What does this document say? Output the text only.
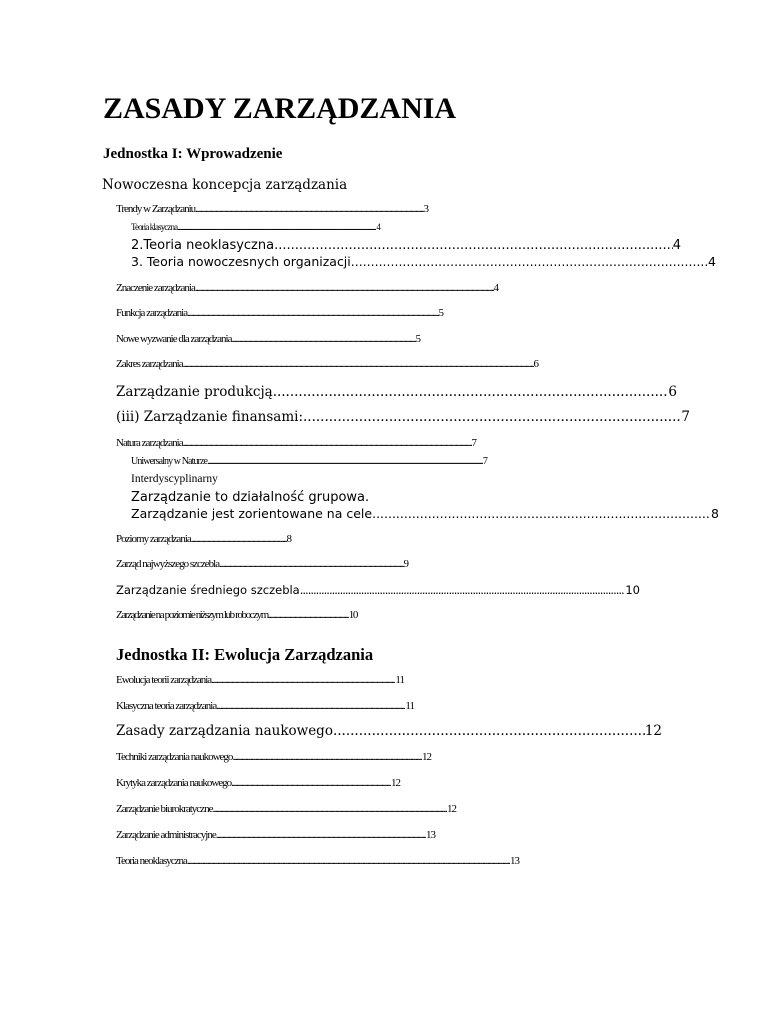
ZASADY ZARZĄDZANIA
Jednostka I: Wprowadzenie
Nowoczesna koncepcja zarządzania
Trendy w Zarządzaniu .....	3
Teoria klasyczna .....	4
2.Teoria neoklasyczna .....	4
3. Teoria nowoczesnych organizacji .....	4
Znaczenie zarządzania .....	4
Funkcja zarządzania .....	5
Nowe wyzwanie dla zarządzania .....	5
Zakres zarządzania .....	6
Zarządzanie produkcją .....	6
(iii) Zarządzanie finansami: .....	7
Natura zarządzania .....	7
Uniwersalny w Naturze .....	7
Interdyscyplinarny
Zarządzanie to działalność grupowa.
Zarządzanie jest zorientowane na cele .....	8
Poziomy zarządzania .....	8
Zarząd najwyższego szczebla .....	9
Zarządzanie średniego szczebla .....	10
Zarządzanie na poziomie niższym lub roboczym .....	10
Jednostka II: Ewolucja Zarządzania
Ewolucja teorii zarządzania .....	11
Klasyczna teoria zarządzania .....	11
Zasady zarządzania naukowego .....	12
Techniki zarządzania naukowego .....	12
Krytyka zarządzania naukowego .....	12
Zarządzanie biurokratyczne .....	12
Zarządzanie administracyjne .....	13
Teoria neoklasyczna .....	13
